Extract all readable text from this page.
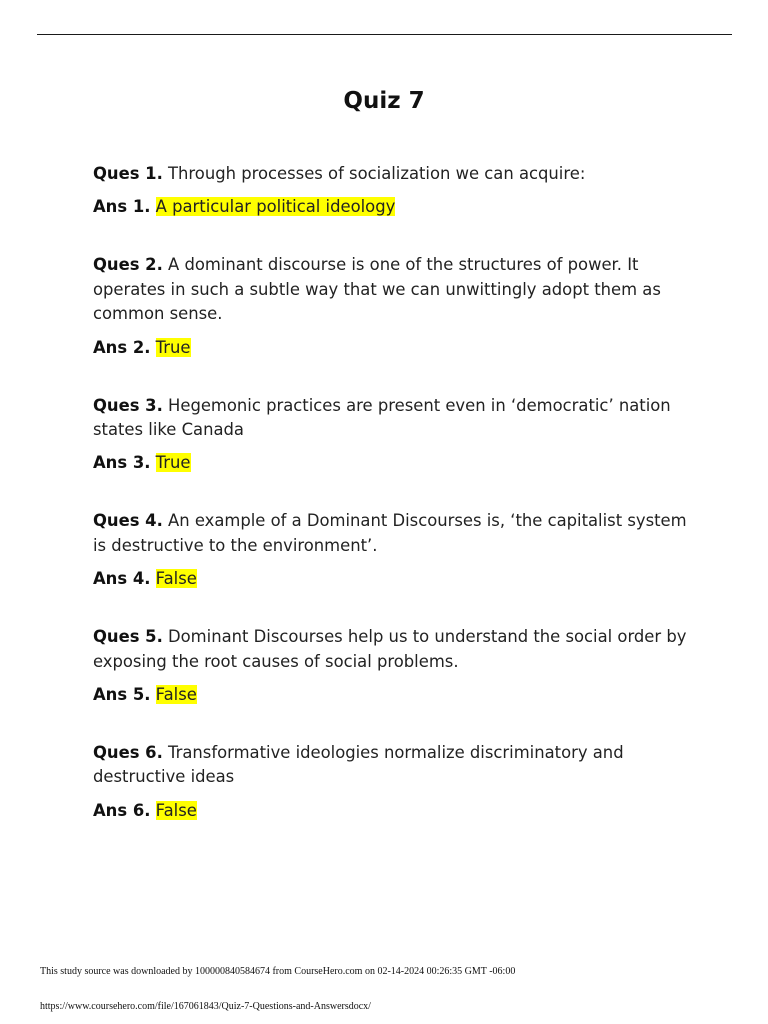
Quiz 7

Ques 1. Through processes of socialization we can acquire:

Ans 1. A particular political ideology

Ques 2. A dominant discourse is one of the structures of power. It operates in such a subtle way that we can unwittingly adopt them as common sense.

Ans 2. True

Ques 3. Hegemonic practices are present even in ‘democratic’ nation states like Canada

Ans 3. True

Ques 4. An example of a Dominant Discourses is, ‘the capitalist system is destructive to the environment’.

Ans 4. False

Ques 5. Dominant Discourses help us to understand the social order by exposing the root causes of social problems.

Ans 5. False

Ques 6. Transformative ideologies normalize discriminatory and destructive ideas

Ans 6. False

This study source was downloaded by 100000840584674 from CourseHero.com on 02-14-2024 00:26:35 GMT -06:00
https://www.coursehero.com/file/167061843/Quiz-7-Questions-and-Answersdocx/
